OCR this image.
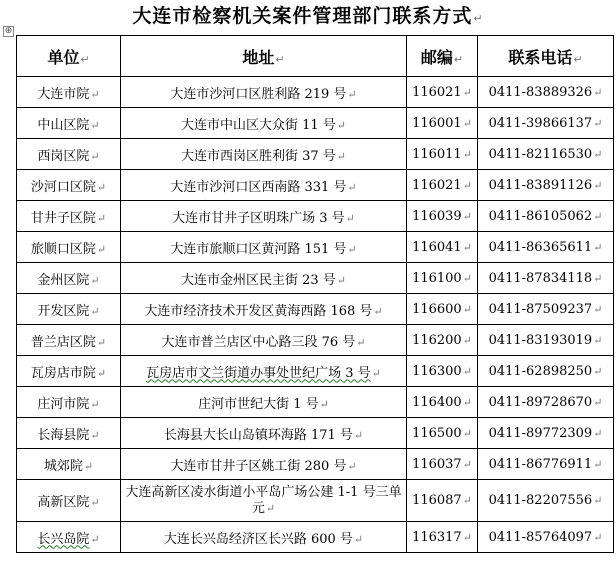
大连市检察机关案件管理部门联系方式↵
⊕
单位↵	地址↵	邮编↵	联系电话↵
大连市院↵	大连市沙河口区胜利路 219 号↵	116021↵	0411-83889326↵
中山区院↵	大连市中山区大众街 11 号↵	116001↵	0411-39866137↵
西岗区院↵	大连市西岗区胜利街 37 号↵	116011↵	0411-82116530↵
沙河口区院↵	大连市沙河口区西南路 331 号↵	116021↵	0411-83891126↵
甘井子区院↵	大连市甘井子区明珠广场 3 号↵	116039↵	0411-86105062↵
旅顺口区院↵	大连市旅顺口区黄河路 151 号↵	116041↵	0411-86365611↵
金州区院↵	大连市金州区民主街 23 号↵	116100↵	0411-87834118↵
开发区院↵	大连市经济技术开发区黄海西路 168 号↵	116600↵	0411-87509237↵
普兰店区院↵	大连市普兰店区中心路三段 76 号↵	116200↵	0411-83193019↵
瓦房店市院↵	瓦房店市文兰街道办事处世纪广场 3 号↵	116300↵	0411-62898250↵
庄河市院↵	庄河市世纪大街 1 号↵	116400↵	0411-89728670↵
长海县院↵	长海县大长山岛镇环海路 171 号↵	116500↵	0411-89772309↵
城郊院↵	大连市甘井子区姚工街 280 号↵	116037↵	0411-86776911↵
高新区院↵	大连高新区凌水街道小平岛广场公建 1-1 号三单元↵	116087↵	0411-82207556↵
长兴岛院↵	大连长兴岛经济区长兴路 600 号↵	116317↵	0411-85764097↵
